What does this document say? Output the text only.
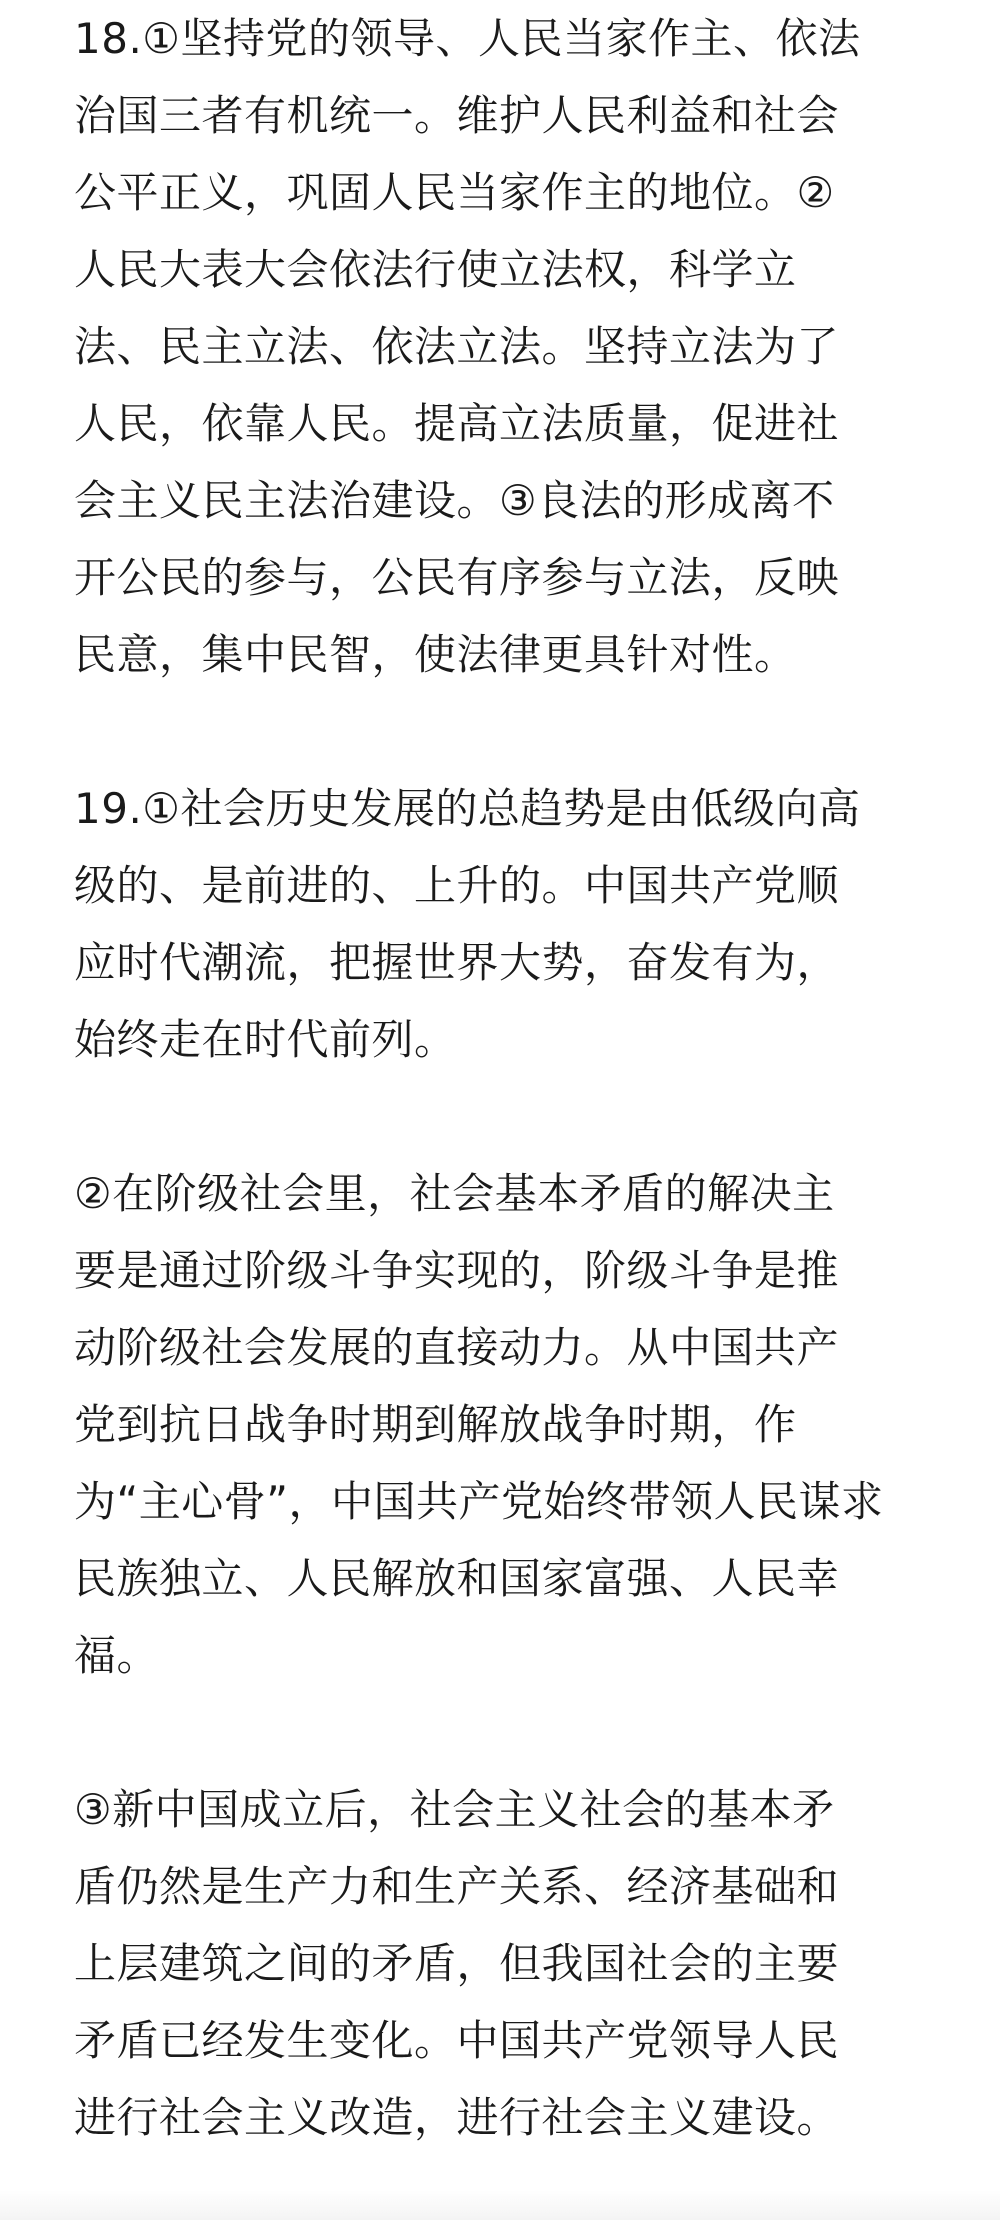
18.①坚持党的领导、人民当家作主、依法
治国三者有机统一。维护人民利益和社会
公平正义，巩固人民当家作主的地位。②
人民大表大会依法行使立法权，科学立
法、民主立法、依法立法。坚持立法为了
人民，依靠人民。提高立法质量，促进社
会主义民主法治建设。③良法的形成离不
开公民的参与，公民有序参与立法，反映
民意，集中民智，使法律更具针对性。
19.①社会历史发展的总趋势是由低级向高
级的、是前进的、上升的。中国共产党顺
应时代潮流，把握世界大势，奋发有为，
始终走在时代前列。
②在阶级社会里，社会基本矛盾的解决主
要是通过阶级斗争实现的，阶级斗争是推
动阶级社会发展的直接动力。从中国共产
党到抗日战争时期到解放战争时期，作
为“主心骨”，中国共产党始终带领人民谋求
民族独立、人民解放和国家富强、人民幸
福。
③新中国成立后，社会主义社会的基本矛
盾仍然是生产力和生产关系、经济基础和
上层建筑之间的矛盾，但我国社会的主要
矛盾已经发生变化。中国共产党领导人民
进行社会主义改造，进行社会主义建设。
